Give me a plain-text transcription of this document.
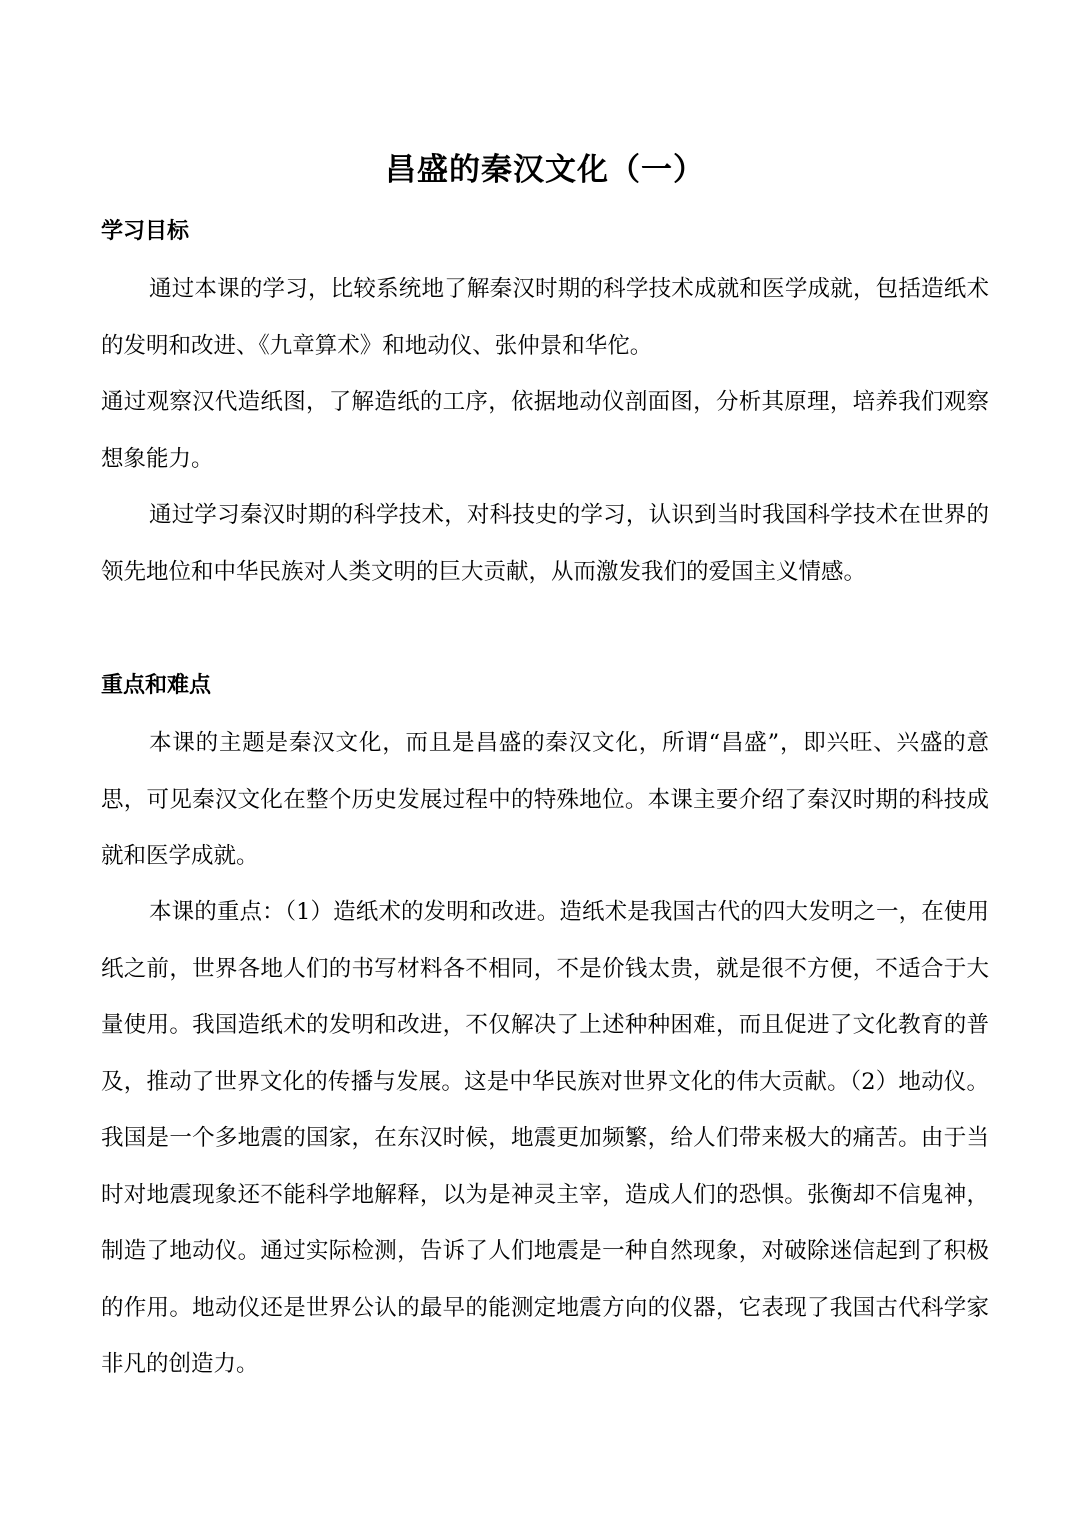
昌盛的秦汉文化（一）
学习目标

通过本课的学习，比较系统地了解秦汉时期的科学技术成就和医学成就，包括造纸术的发明和改进、《九章算术》和地动仪、张仲景和华佗。

通过观察汉代造纸图，了解造纸的工序，依据地动仪剖面图，分析其原理，培养我们观察想象能力。

通过学习秦汉时期的科学技术，对科技史的学习，认识到当时我国科学技术在世界的领先地位和中华民族对人类文明的巨大贡献，从而激发我们的爱国主义情感。

重点和难点

本课的主题是秦汉文化，而且是昌盛的秦汉文化，所谓“昌盛”，即兴旺、兴盛的意思，可见秦汉文化在整个历史发展过程中的特殊地位。本课主要介绍了秦汉时期的科技成就和医学成就。

本课的重点：（1）造纸术的发明和改进。造纸术是我国古代的四大发明之一，在使用纸之前，世界各地人们的书写材料各不相同，不是价钱太贵，就是很不方便，不适合于大量使用。我国造纸术的发明和改进，不仅解决了上述种种困难，而且促进了文化教育的普及，推动了世界文化的传播与发展。这是中华民族对世界文化的伟大贡献。（2）地动仪。我国是一个多地震的国家，在东汉时候，地震更加频繁，给人们带来极大的痛苦。由于当时对地震现象还不能科学地解释，以为是神灵主宰，造成人们的恐惧。张衡却不信鬼神，制造了地动仪。通过实际检测，告诉了人们地震是一种自然现象，对破除迷信起到了积极的作用。地动仪还是世界公认的最早的能测定地震方向的仪器，它表现了我国古代科学家非凡的创造力。
